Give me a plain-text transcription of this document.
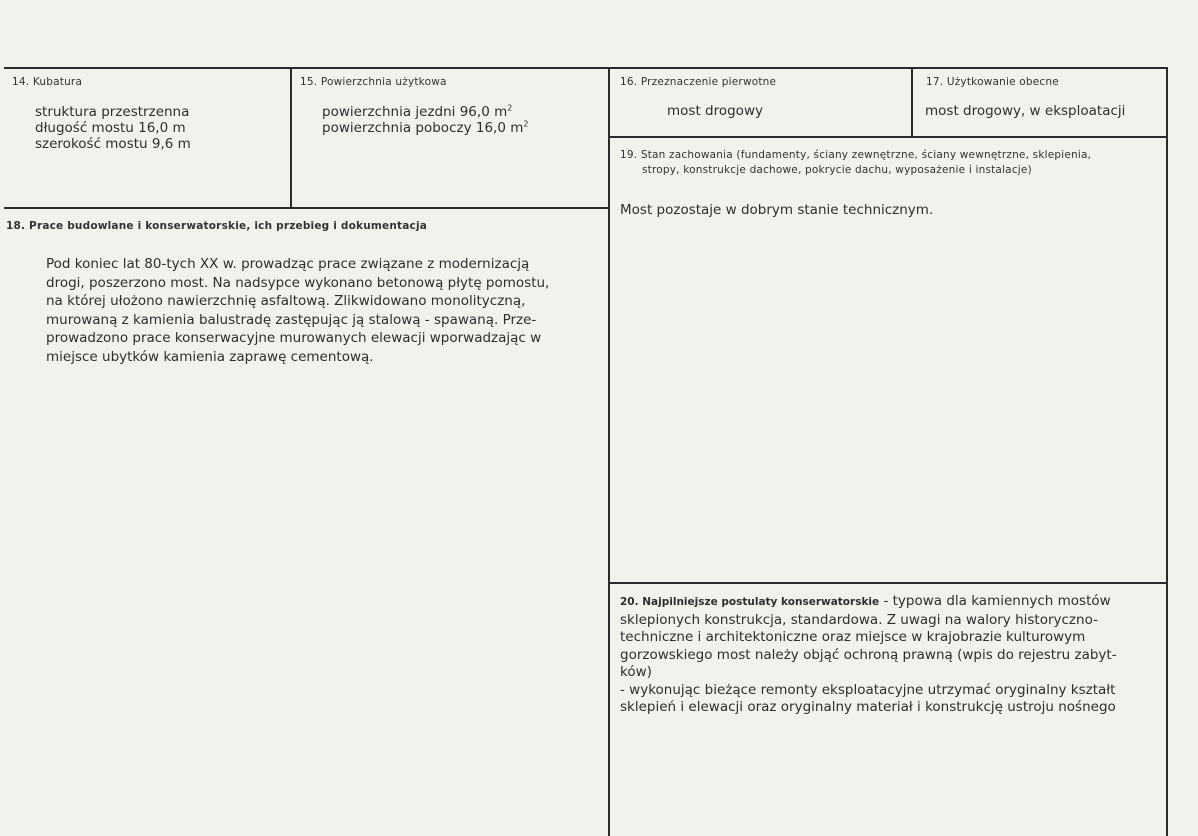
14. Kubatura
struktura przestrzenna
długość mostu 16,0 m
szerokość mostu 9,6 m
15. Powierzchnia użytkowa
powierzchnia jezdni 96,0 $m^2$
powierzchnia poboczy 16,0 $m^2$
16. Przeznaczenie pierwotne
most drogowy
17. Użytkowanie obecne
most drogowy, w eksploatacji
19. Stan zachowania (fundamenty, ściany zewnętrzne, ściany wewnętrzne, sklepienia,
stropy, konstrukcje dachowe, pokrycie dachu, wyposażenie i instalacje)
Most pozostaje w dobrym stanie technicznym.
18. Prace budowlane i konserwatorskie, ich przebieg i dokumentacja
Pod koniec lat 80-tych XX w. prowadząc prace związane z modernizacją
drogi, poszerzono most. Na nadsypce wykonano betonową płytę pomostu,
na której ułożono nawierzchnię asfaltową. Zlikwidowano monolityczną,
murowaną z kamienia balustradę zastępując ją stalową - spawaną. Prze-
prowadzono prace konserwacyjne murowanych elewacji wporwadzając w
miejsce ubytków kamienia zaprawę cementową.
20. Najpilniejsze postulaty konserwatorskie - typowa dla kamiennych mostów
sklepionych konstrukcja, standardowa. Z uwagi na walory historyczno-
techniczne i architektoniczne oraz miejsce w krajobrazie kulturowym
gorzowskiego most należy objąć ochroną prawną (wpis do rejestru zabyt-
ków)
- wykonując bieżące remonty eksploatacyjne utrzymać oryginalny kształt
sklepień i elewacji oraz oryginalny materiał i konstrukcję ustroju nośnego
